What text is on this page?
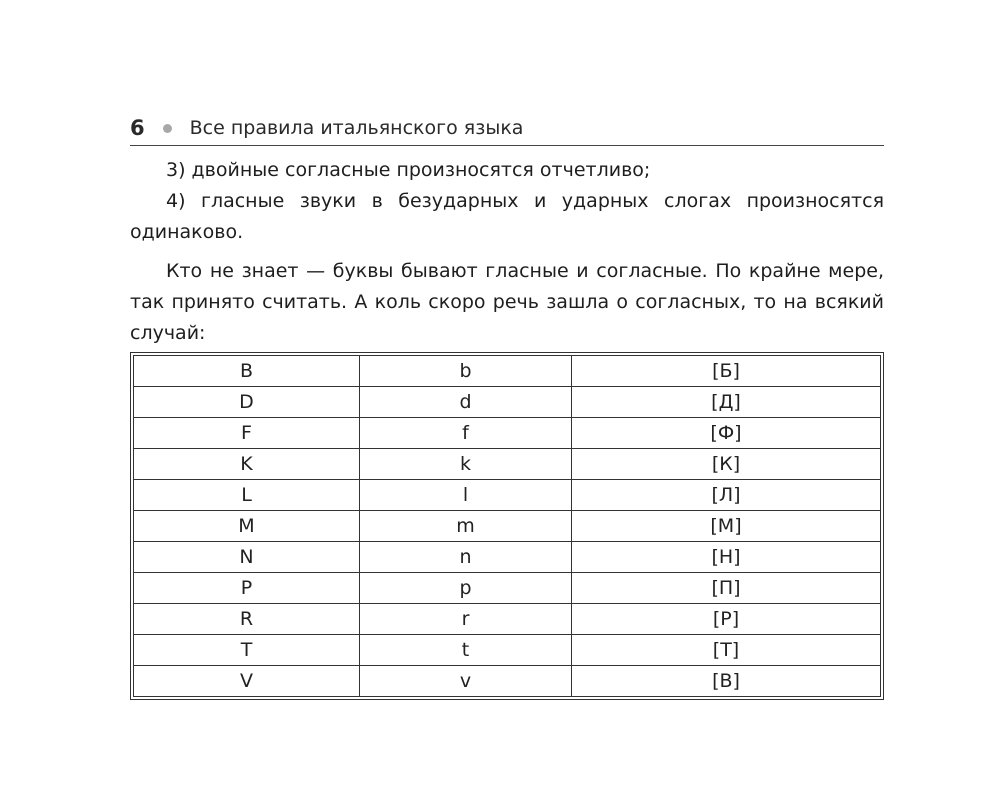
6 Все правила итальянского языка
3) двойные согласные произносятся отчетливо;
4) гласные звуки в безударных и ударных слогах произносятся одинаково.
Кто не знает — буквы бывают гласные и согласные. По крайне мере, так принято считать. А коль скоро речь зашла о согласных, то на всякий случай:
B	b	[Б]
D	d	[Д]
F	f	[Ф]
K	k	[К]
L	l	[Л]
M	m	[М]
N	n	[Н]
P	p	[П]
R	r	[Р]
T	t	[Т]
V	v	[В]
